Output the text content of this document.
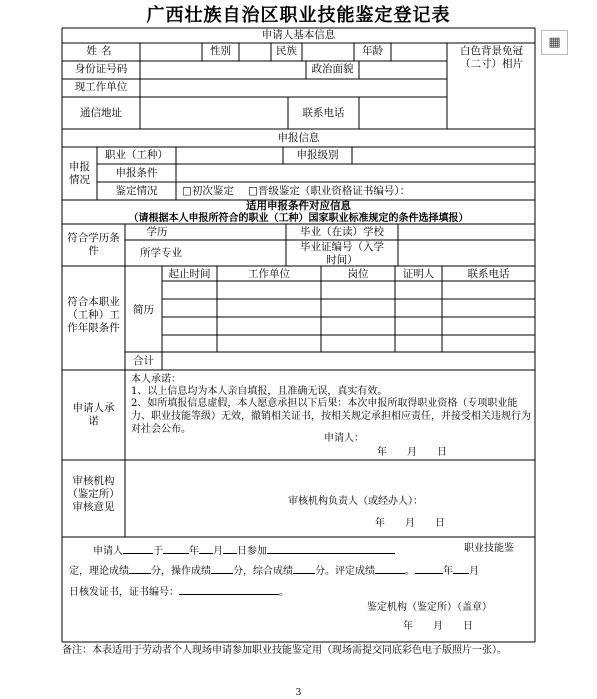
广西壮族自治区职业技能鉴定登记表
▦
申请人基本信息
姓名	性别	民族	年龄	白色背景免冠
（二寸）相片
身份证号码	政治面貌
现工作单位
通信地址	联系电话
申报信息
申报情况
职业（工种）	申报级别
申报条件
鉴定情况	□初次鉴定 □晋级鉴定（职业资格证书编号）：
适用申报条件对应信息
（请根据本人申报所符合的职业（工种）国家职业标准规定的条件选择填报）
符合学历条件
学历	毕业（在读）学校
所学专业	毕业证编号（入学时间）
符合本职业（工种）工作年限条件
简历
起止时间	工作单位	岗位	证明人	联系电话
合计
申请人承诺
本人承诺：
1、以上信息均为本人亲自填报，且准确无误，真实有效。
2、如所填报信息虚假，本人愿意承担以下后果：本次申报所取得职业资格（专项职业能力、职业技能等级）无效，撤销相关证书，按相关规定承担相应责任，并接受相关违规行为对社会公布。
申请人：
年　　月　　日
审核机构（鉴定所）审核意见	审核机构负责人（或经办人）：
年　　月　　日
申请人	于	年 月 日参加	职业技能鉴
定，理论成绩 分，操作成绩 分，综合成绩 分。评定成绩	。	年 月
日核发证书，证书编号：	。
鉴定机构（鉴定所）（盖章）
年　　月　　日
备注：本表适用于劳动者个人现场申请参加职业技能鉴定用（现场需提交同底彩色电子版照片一张）。
3
